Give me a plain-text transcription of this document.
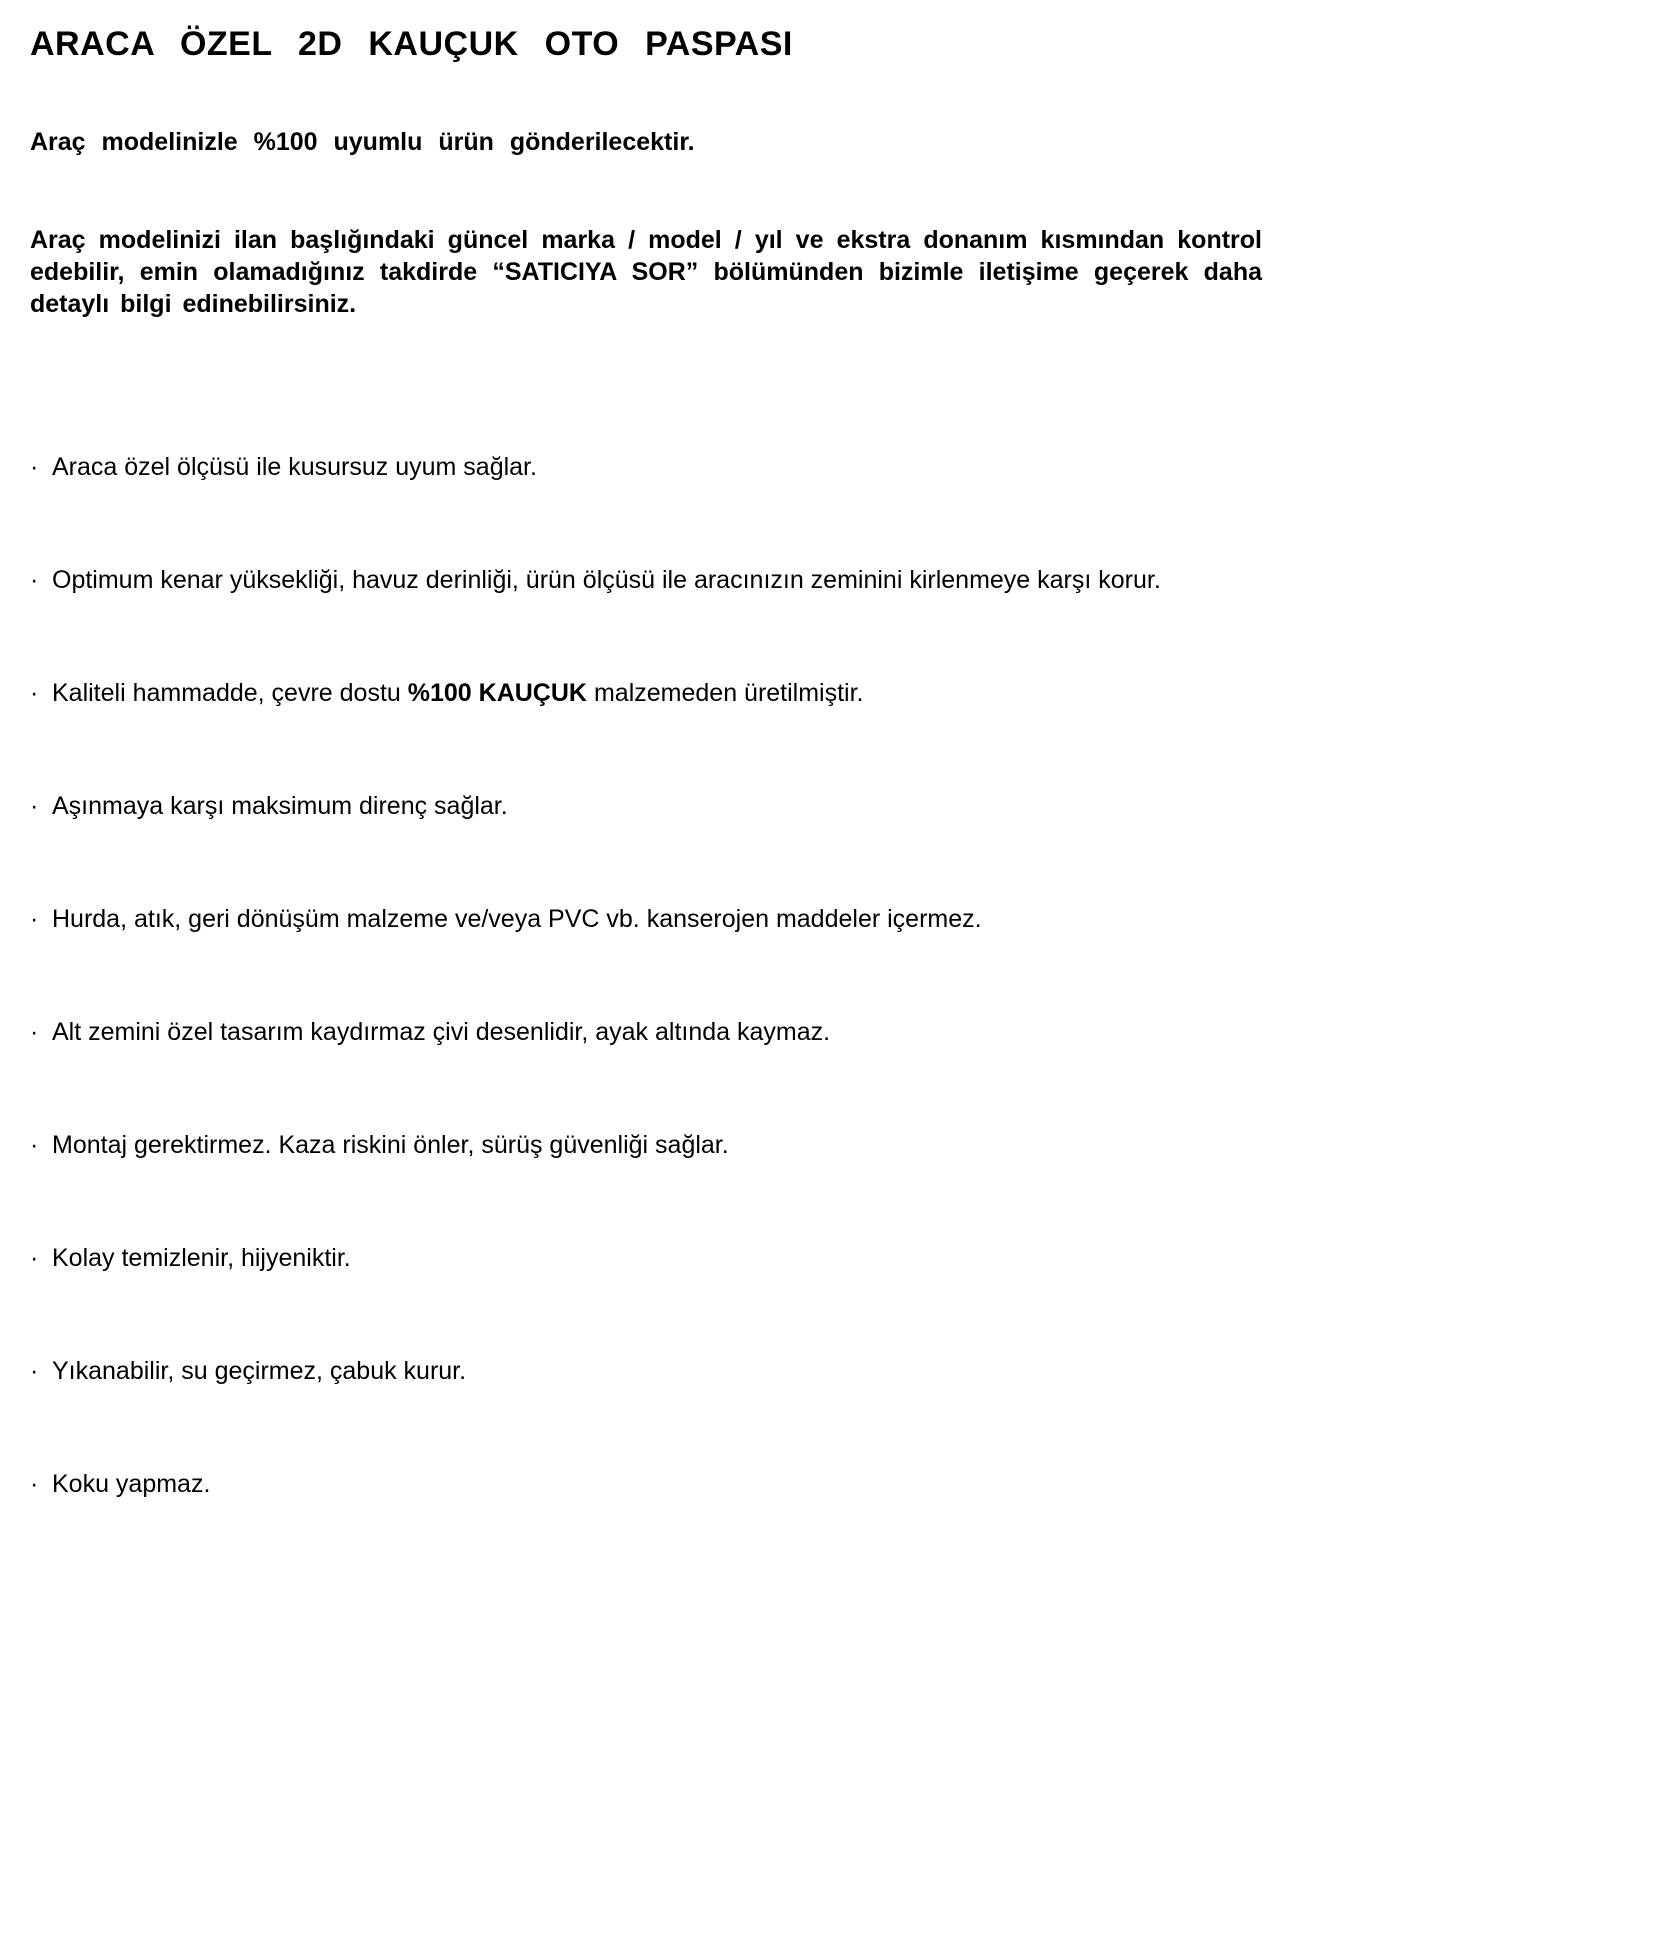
ARACA ÖZEL 2D KAUÇUK OTO PASPASI

Araç modelinizle %100 uyumlu ürün gönderilecektir.

Araç modelinizi ilan başlığındaki güncel marka / model / yıl ve ekstra donanım kısmından kontrol edebilir, emin olamadığınız takdirde “SATICIYA SOR” bölümünden bizimle iletişime geçerek daha detaylı bilgi edinebilirsiniz.

· Araca özel ölçüsü ile kusursuz uyum sağlar.
· Optimum kenar yüksekliği, havuz derinliği, ürün ölçüsü ile aracınızın zeminini kirlenmeye karşı korur.
· Kaliteli hammadde, çevre dostu %100 KAUÇUK malzemeden üretilmiştir.
· Aşınmaya karşı maksimum direnç sağlar.
· Hurda, atık, geri dönüşüm malzeme ve/veya PVC vb. kanserojen maddeler içermez.
· Alt zemini özel tasarım kaydırmaz çivi desenlidir, ayak altında kaymaz.
· Montaj gerektirmez. Kaza riskini önler, sürüş güvenliği sağlar.
· Kolay temizlenir, hijyeniktir.
· Yıkanabilir, su geçirmez, çabuk kurur.
· Koku yapmaz.
